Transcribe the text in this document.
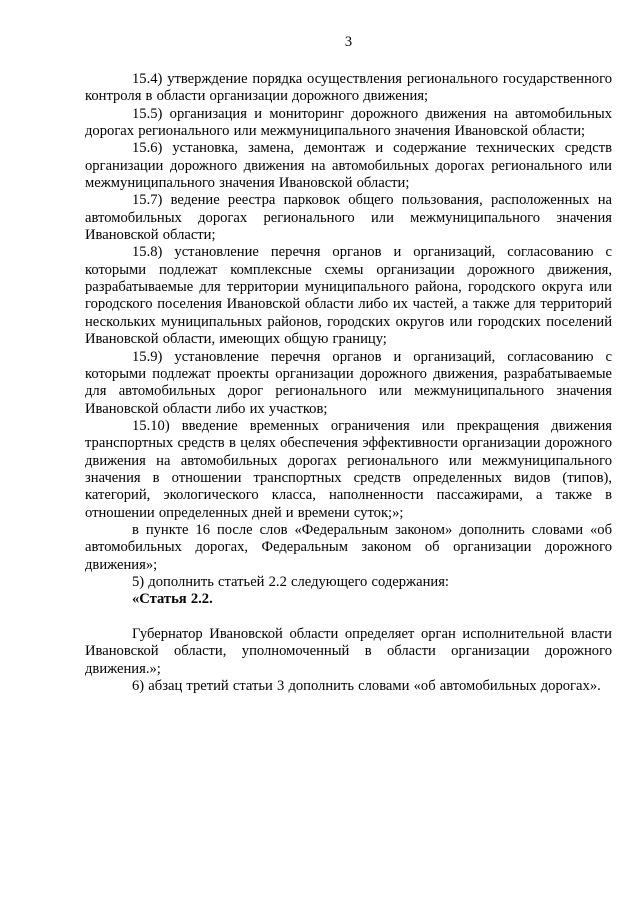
3

15.4) утверждение порядка осуществления регионального государственного контроля в области организации дорожного движения;

15.5) организация и мониторинг дорожного движения на автомобильных дорогах регионального или межмуниципального значения Ивановской области;

15.6) установка, замена, демонтаж и содержание технических средств организации дорожного движения на автомобильных дорогах регионального или межмуниципального значения Ивановской области;

15.7) ведение реестра парковок общего пользования, расположенных на автомобильных дорогах регионального или межмуниципального значения Ивановской области;

15.8) установление перечня органов и организаций, согласованию с которыми подлежат комплексные схемы организации дорожного движения, разрабатываемые для территории муниципального района, городского округа или городского поселения Ивановской области либо их частей, а также для территорий нескольких муниципальных районов, городских округов или городских поселений Ивановской области, имеющих общую границу;

15.9) установление перечня органов и организаций, согласованию с которыми подлежат проекты организации дорожного движения, разрабатываемые для автомобильных дорог регионального или межмуниципального значения Ивановской области либо их участков;

15.10) введение временных ограничения или прекращения движения транспортных средств в целях обеспечения эффективности организации дорожного движения на автомобильных дорогах регионального или межмуниципального значения в отношении транспортных средств определенных видов (типов), категорий, экологического класса, наполненности пассажирами, а также в отношении определенных дней и времени суток;»;

в пункте 16 после слов «Федеральным законом» дополнить словами «об автомобильных дорогах, Федеральным законом об организации дорожного движения»;

5) дополнить статьей 2.2 следующего содержания:

«Статья 2.2.

Губернатор Ивановской области определяет орган исполнительной власти Ивановской области, уполномоченный в области организации дорожного движения.»;

6) абзац третий статьи 3 дополнить словами «об автомобильных дорогах».
